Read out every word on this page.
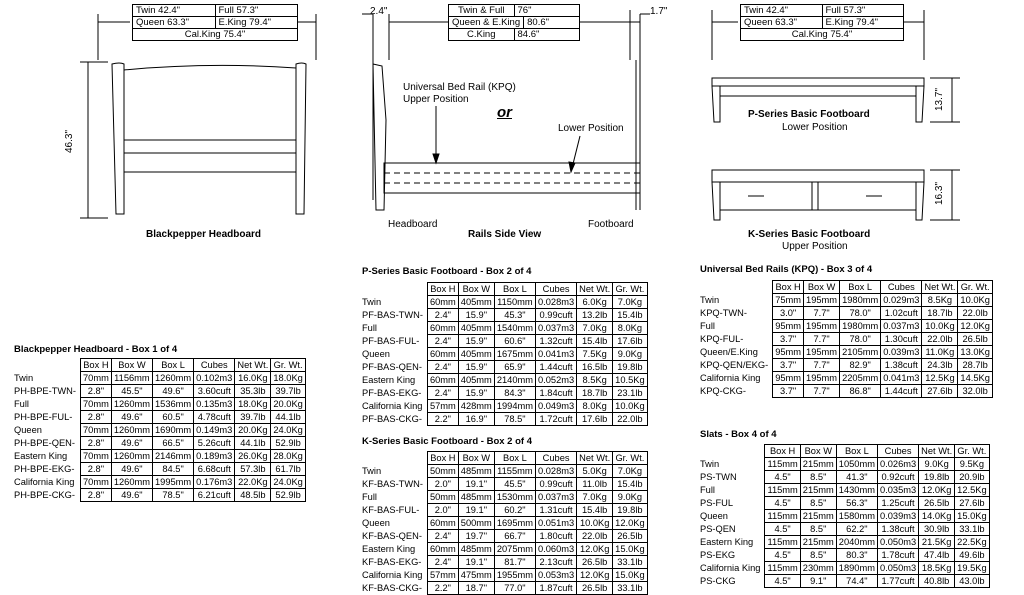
Twin 42.4"	Full 57.3"
Queen 63.3"	E.King 79.4"
Cal.King 75.4"
46.3"
Blackpepper Headboard
Twin & Full	76"
Queen & E.King 80.6"
C.King	84.6"
2.4"	1.7"
Universal Bed Rail (KPQ)
Upper Position
or
Lower Position
Headboard	Footboard
Rails Side View
Twin 42.4"	Full 57.3"
Queen 63.3"	E.King 79.4"
Cal.King 75.4"
13.7"
16.3"
P-Series Basic Footboard
Lower Position
K-Series Basic Footboard
Upper Position
Blackpepper Headboard - Box 1 of 4
	Box H	Box W	Box L	Cubes	Net Wt.	Gr. Wt.
Twin	70mm	1156mm	1260mm	0.102m3	16.0Kg	18.0Kg
PH-BPE-TWN-	2.8"	45.5"	49.6"	3.60cuft	35.3lb	39.7lb
Full	70mm	1260mm	1536mm	0.135m3	18.0Kg	20.0Kg
PH-BPE-FUL-	2.8"	49.6"	60.5"	4.78cuft	39.7lb	44.1lb
Queen	70mm	1260mm	1690mm	0.149m3	20.0Kg	24.0Kg
PH-BPE-QEN-	2.8"	49.6"	66.5"	5.26cuft	44.1lb	52.9lb
Eastern King	70mm	1260mm	2146mm	0.189m3	26.0Kg	28.0Kg
PH-BPE-EKG-	2.8"	49.6"	84.5"	6.68cuft	57.3lb	61.7lb
California King	70mm	1260mm	1995mm	0.176m3	22.0Kg	24.0Kg
PH-BPE-CKG-	2.8"	49.6"	78.5"	6.21cuft	48.5lb	52.9lb
P-Series Basic Footboard - Box 2 of 4
	Box H	Box W	Box L	Cubes	Net Wt.	Gr. Wt.
Twin	60mm	405mm	1150mm	0.028m3	6.0Kg	7.0Kg
PF-BAS-TWN-	2.4"	15.9"	45.3"	0.99cuft	13.2lb	15.4lb
Full	60mm	405mm	1540mm	0.037m3	7.0Kg	8.0Kg
PF-BAS-FUL-	2.4"	15.9"	60.6"	1.32cuft	15.4lb	17.6lb
Queen	60mm	405mm	1675mm	0.041m3	7.5Kg	9.0Kg
PF-BAS-QEN-	2.4"	15.9"	65.9"	1.44cuft	16.5lb	19.8lb
Eastern King	60mm	405mm	2140mm	0.052m3	8.5Kg	10.5Kg
PF-BAS-EKG-	2.4"	15.9"	84.3"	1.84cuft	18.7lb	23.1lb
California King	57mm	428mm	1994mm	0.049m3	8.0Kg	10.0Kg
PF-BAS-CKG-	2.2"	16.9"	78.5"	1.72cuft	17.6lb	22.0lb
K-Series Basic Footboard - Box 2 of 4
	Box H	Box W	Box L	Cubes	Net Wt.	Gr. Wt.
Twin	50mm	485mm	1155mm	0.028m3	5.0Kg	7.0Kg
KF-BAS-TWN-	2.0"	19.1"	45.5"	0.99cuft	11.0lb	15.4lb
Full	50mm	485mm	1530mm	0.037m3	7.0Kg	9.0Kg
KF-BAS-FUL-	2.0"	19.1"	60.2"	1.31cuft	15.4lb	19.8lb
Queen	60mm	500mm	1695mm	0.051m3	10.0Kg	12.0Kg
KF-BAS-QEN-	2.4"	19.7"	66.7"	1.80cuft	22.0lb	26.5lb
Eastern King	60mm	485mm	2075mm	0.060m3	12.0Kg	15.0Kg
KF-BAS-EKG-	2.4"	19.1"	81.7"	2.13cuft	26.5lb	33.1lb
California King	57mm	475mm	1955mm	0.053m3	12.0Kg	15.0Kg
KF-BAS-CKG-	2.2"	18.7"	77.0"	1.87cuft	26.5lb	33.1lb
Universal Bed Rails (KPQ) - Box 3 of 4
	Box H	Box W	Box L	Cubes	Net Wt.	Gr. Wt.
Twin	75mm	195mm	1980mm	0.029m3	8.5Kg	10.0Kg
KPQ-TWN-	3.0"	7.7"	78.0"	1.02cuft	18.7lb	22.0lb
Full	95mm	195mm	1980mm	0.037m3	10.0Kg	12.0Kg
KPQ-FUL-	3.7"	7.7"	78.0"	1.30cuft	22.0lb	26.5lb
Queen/E.King	95mm	195mm	2105mm	0.039m3	11.0Kg	13.0Kg
KPQ-QEN/EKG-	3.7"	7.7"	82.9"	1.38cuft	24.3lb	28.7lb
California King	95mm	195mm	2205mm	0.041m3	12.5Kg	14.5Kg
KPQ-CKG-	3.7"	7.7"	86.8"	1.44cuft	27.6lb	32.0lb
Slats - Box 4 of 4
	Box H	Box W	Box L	Cubes	Net Wt.	Gr. Wt.
Twin	115mm	215mm	1050mm	0.026m3	9.0Kg	9.5Kg
PS-TWN	4.5"	8.5"	41.3"	0.92cuft	19.8lb	20.9lb
Full	115mm	215mm	1430mm	0.035m3	12.0Kg	12.5Kg
PS-FUL	4.5"	8.5"	56.3"	1.25cuft	26.5lb	27.6lb
Queen	115mm	215mm	1580mm	0.039m3	14.0Kg	15.0Kg
PS-QEN	4.5"	8.5"	62.2"	1.38cuft	30.9lb	33.1lb
Eastern King	115mm	215mm	2040mm	0.050m3	21.5Kg	22.5Kg
PS-EKG	4.5"	8.5"	80.3"	1.78cuft	47.4lb	49.6lb
California King	115mm	230mm	1890mm	0.050m3	18.5Kg	19.5Kg
PS-CKG	4.5"	9.1"	74.4"	1.77cuft	40.8lb	43.0lb
